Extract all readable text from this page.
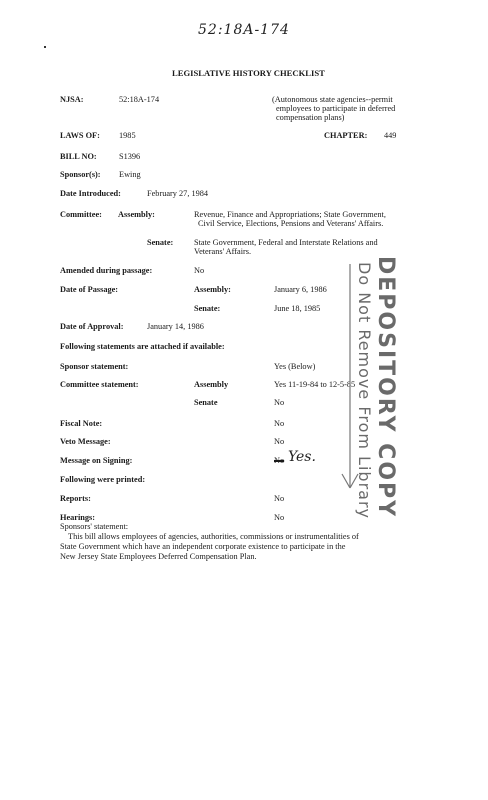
52:18A-174
LEGISLATIVE HISTORY CHECKLIST
NJSA:	52:18A-174	(Autonomous state agencies--permit
employees to participate in deferred
compensation plans)
LAWS OF: 1985	CHAPTER: 449
BILL NO:	S1396
Sponsor(s): Ewing
Date Introduced:	February 27, 1984
Committee: Assembly:	Revenue, Finance and Appropriations; State Government,
Civil Service, Elections, Pensions and Veterans' Affairs.
Senate: State Government, Federal and Interstate Relations and
Veterans' Affairs.
Amended during passage:	No
Date of Passage:	Assembly:	January 6, 1986
Senate:	June 18, 1985
Date of Approval:	January 14, 1986
Following statements are attached if available:
Sponsor statement:	Yes (Below)
Committee statement:	Assembly	Yes 11-19-84 to 12-5-85
Senate	No
Fiscal Note:	No
Veto Message:	No
Message on Signing:	No Yes.
Following were printed:
Reports:	No
Hearings:	No
Sponsors' statement:
This bill allows employees of agencies, authorities, commissions or instrumentalities of
State Government which have an independent corporate existence to participate in the
New Jersey State Employees Deferred Compensation Plan.
DEPOSITORY COPY
Do Not Remove From Library
